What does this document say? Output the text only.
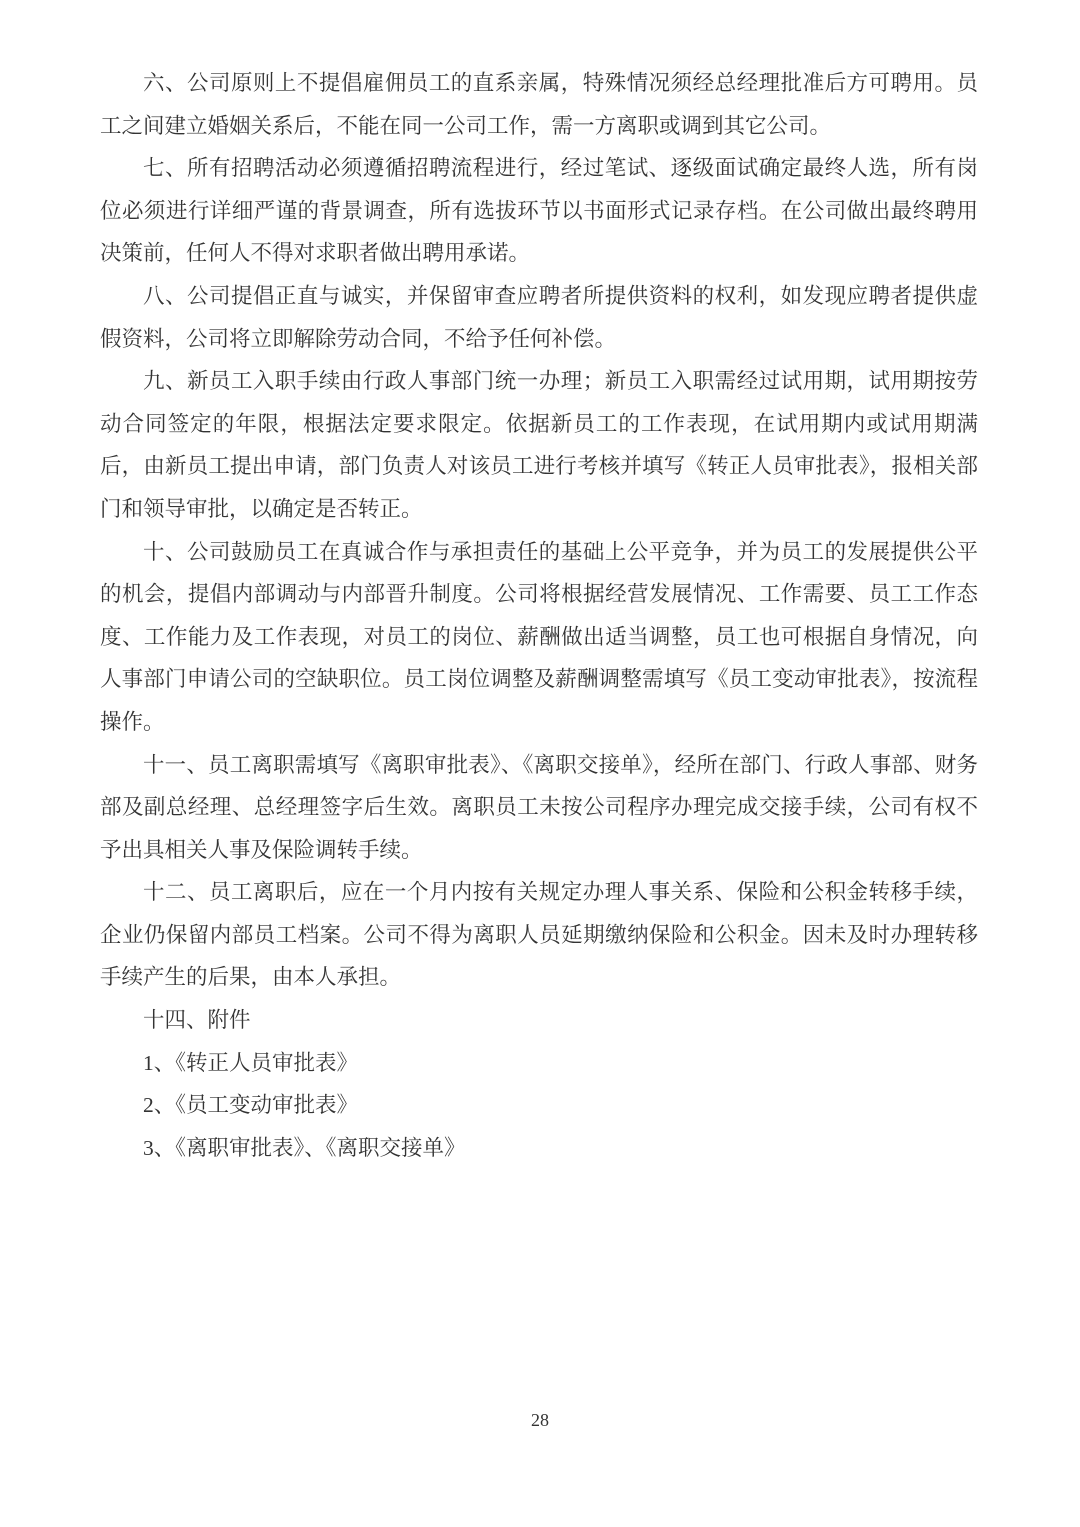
六、公司原则上不提倡雇佣员工的直系亲属，特殊情况须经总经理批准后方可聘用。员工之间建立婚姻关系后，不能在同一公司工作，需一方离职或调到其它公司。

七、所有招聘活动必须遵循招聘流程进行，经过笔试、逐级面试确定最终人选，所有岗位必须进行详细严谨的背景调查，所有选拔环节以书面形式记录存档。在公司做出最终聘用决策前，任何人不得对求职者做出聘用承诺。

八、公司提倡正直与诚实，并保留审查应聘者所提供资料的权利，如发现应聘者提供虚假资料，公司将立即解除劳动合同，不给予任何补偿。

九、新员工入职手续由行政人事部门统一办理；新员工入职需经过试用期，试用期按劳动合同签定的年限，根据法定要求限定。依据新员工的工作表现，在试用期内或试用期满后，由新员工提出申请，部门负责人对该员工进行考核并填写《转正人员审批表》，报相关部门和领导审批，以确定是否转正。

十、公司鼓励员工在真诚合作与承担责任的基础上公平竞争，并为员工的发展提供公平的机会，提倡内部调动与内部晋升制度。公司将根据经营发展情况、工作需要、员工工作态度、工作能力及工作表现，对员工的岗位、薪酬做出适当调整，员工也可根据自身情况，向人事部门申请公司的空缺职位。员工岗位调整及薪酬调整需填写《员工变动审批表》，按流程操作。

十一、员工离职需填写《离职审批表》、《离职交接单》，经所在部门、行政人事部、财务部及副总经理、总经理签字后生效。离职员工未按公司程序办理完成交接手续，公司有权不予出具相关人事及保险调转手续。

十二、员工离职后，应在一个月内按有关规定办理人事关系、保险和公积金转移手续，企业仍保留内部员工档案。公司不得为离职人员延期缴纳保险和公积金。因未及时办理转移手续产生的后果，由本人承担。

十四、附件

1、《转正人员审批表》

2、《员工变动审批表》

3、《离职审批表》、《离职交接单》

28
